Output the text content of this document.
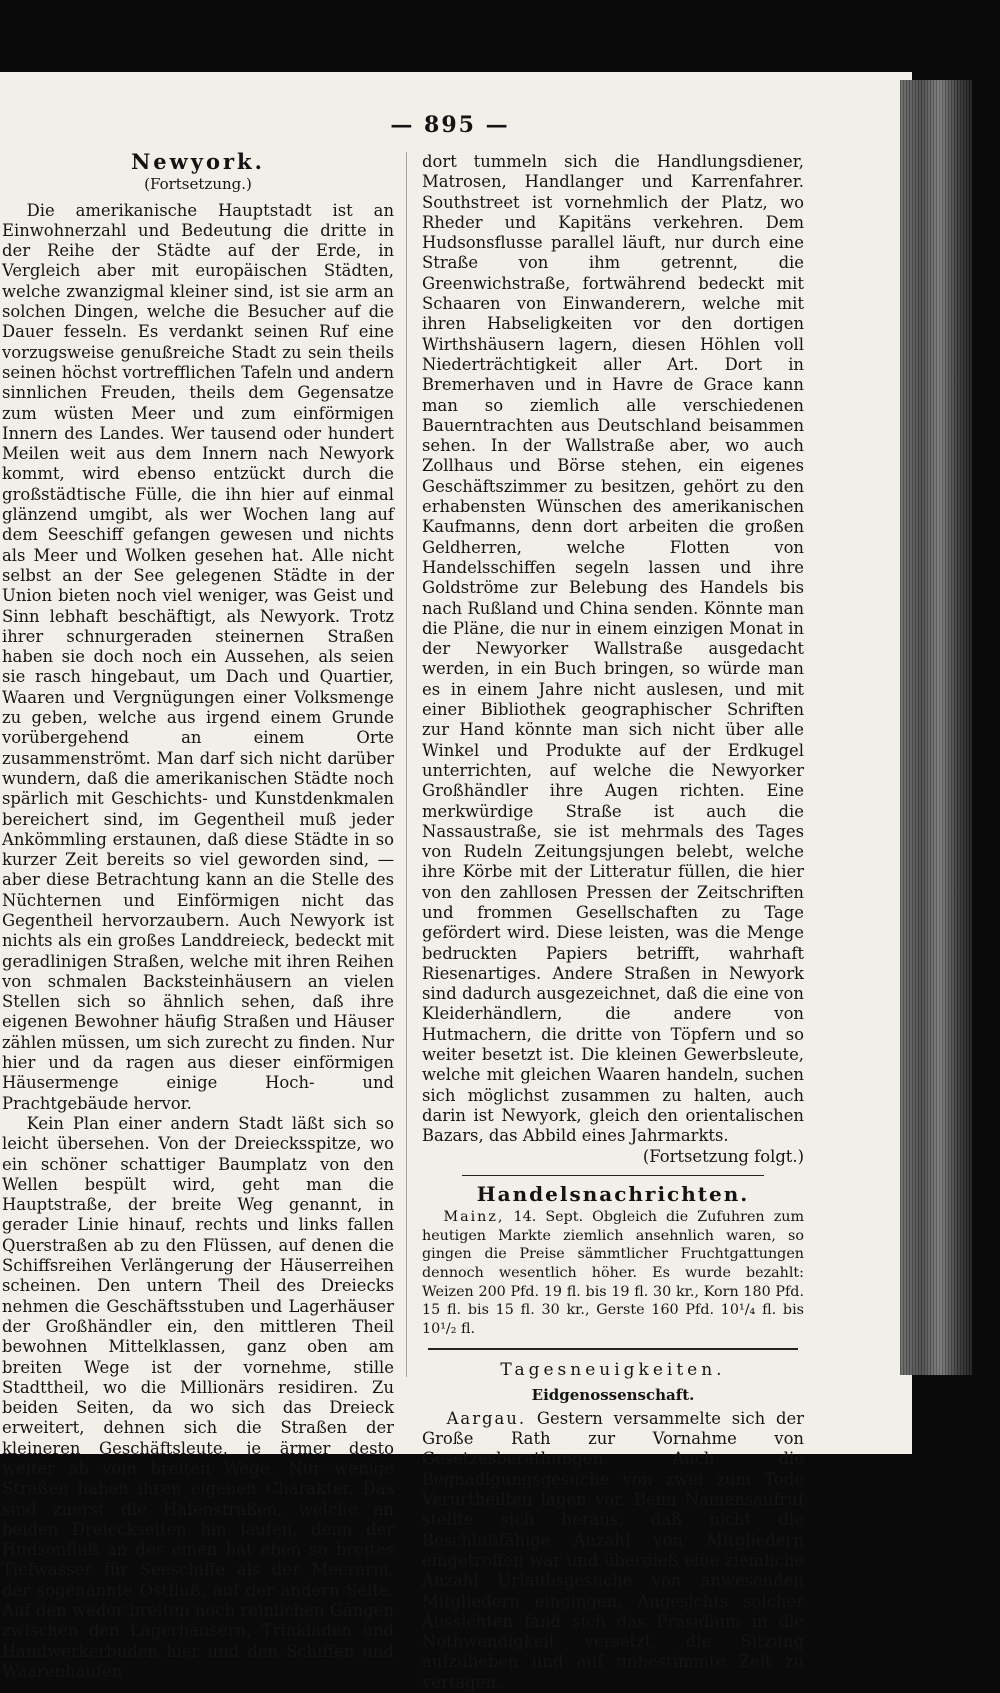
— 895 —
Newyork.
(Fortsetzung.)

Die amerikanische Hauptstadt ist an Einwohnerzahl und Bedeutung die dritte in der Reihe der Städte auf der Erde, in Vergleich aber mit europäischen Städten, welche zwanzigmal kleiner sind, ist sie arm an solchen Dingen, welche die Besucher auf die Dauer fesseln. Es verdankt seinen Ruf eine vorzugsweise genußreiche Stadt zu sein theils seinen höchst vortrefflichen Tafeln und andern sinnlichen Freuden, theils dem Gegensatze zum wüsten Meer und zum einförmigen Innern des Landes. Wer tausend oder hundert Meilen weit aus dem Innern nach Newyork kommt, wird ebenso entzückt durch die großstädtische Fülle, die ihn hier auf einmal glänzend umgibt, als wer Wochen lang auf dem Seeschiff gefangen gewesen und nichts als Meer und Wolken gesehen hat. Alle nicht selbst an der See gelegenen Städte in der Union bieten noch viel weniger, was Geist und Sinn lebhaft beschäftigt, als Newyork. Trotz ihrer schnurgeraden steinernen Straßen haben sie doch noch ein Aussehen, als seien sie rasch hingebaut, um Dach und Quartier, Waaren und Vergnügungen einer Volksmenge zu geben, welche aus irgend einem Grunde vorübergehend an einem Orte zusammenströmt. Man darf sich nicht darüber wundern, daß die amerikanischen Städte noch spärlich mit Geschichts- und Kunstdenkmalen bereichert sind, im Gegentheil muß jeder Ankömmling erstaunen, daß diese Städte in so kurzer Zeit bereits so viel geworden sind, — aber diese Betrachtung kann an die Stelle des Nüchternen und Einförmigen nicht das Gegentheil hervorzaubern. Auch Newyork ist nichts als ein großes Landdreieck, bedeckt mit geradlinigen Straßen, welche mit ihren Reihen von schmalen Backsteinhäusern an vielen Stellen sich so ähnlich sehen, daß ihre eigenen Bewohner häufig Straßen und Häuser zählen müssen, um sich zurecht zu finden. Nur hier und da ragen aus dieser einförmigen Häusermenge einige Hoch- und Prachtgebäude hervor.

Kein Plan einer andern Stadt läßt sich so leicht übersehen. Von der Dreiecksspitze, wo ein schöner schattiger Baumplatz von den Wellen bespült wird, geht man die Hauptstraße, der breite Weg genannt, in gerader Linie hinauf, rechts und links fallen Querstraßen ab zu den Flüssen, auf denen die Schiffsreihen Verlängerung der Häuserreihen scheinen. Den untern Theil des Dreiecks nehmen die Geschäftsstuben und Lagerhäuser der Großhändler ein, den mittleren Theil bewohnen Mittelklassen, ganz oben am breiten Wege ist der vornehme, stille Stadttheil, wo die Millionärs residiren. Zu beiden Seiten, da wo sich das Dreieck erweitert, dehnen sich die Straßen der kleineren Geschäftsleute, je ärmer desto weiter ab vom breiten Wege. Nur wenige Straßen haben ihren eigenen Charakter. Das sind zuerst die Hafenstraßen, welche an beiden Dreieckseiten hin laufen, denn der Hudsonfluß an der einen hat eben so breites Tiefwasser für Seeschiffe als der Meerarm, der sogenannte Ostfluß, auf der andern Seite. Auf den weder breiten noch reinlichen Gängen zwischen den Lagerhäusern, Trinkläden und Handwerkerbuden hier und den Schiffen und Waarenhaufen

dort tummeln sich die Handlungsdiener, Matrosen, Handlanger und Karrenfahrer. Southstreet ist vornehmlich der Platz, wo Rheder und Kapitäns verkehren. Dem Hudsonsflusse parallel läuft, nur durch eine Straße von ihm getrennt, die Greenwichstraße, fortwährend bedeckt mit Schaaren von Einwanderern, welche mit ihren Habseligkeiten vor den dortigen Wirthshäusern lagern, diesen Höhlen voll Niederträchtigkeit aller Art. Dort in Bremerhaven und in Havre de Grace kann man so ziemlich alle verschiedenen Bauerntrachten aus Deutschland beisammen sehen. In der Wallstraße aber, wo auch Zollhaus und Börse stehen, ein eigenes Geschäftszimmer zu besitzen, gehört zu den erhabensten Wünschen des amerikanischen Kaufmanns, denn dort arbeiten die großen Geldherren, welche Flotten von Handelsschiffen segeln lassen und ihre Goldströme zur Belebung des Handels bis nach Rußland und China senden. Könnte man die Pläne, die nur in einem einzigen Monat in der Newyorker Wallstraße ausgedacht werden, in ein Buch bringen, so würde man es in einem Jahre nicht auslesen, und mit einer Bibliothek geographischer Schriften zur Hand könnte man sich nicht über alle Winkel und Produkte auf der Erdkugel unterrichten, auf welche die Newyorker Großhändler ihre Augen richten. Eine merkwürdige Straße ist auch die Nassaustraße, sie ist mehrmals des Tages von Rudeln Zeitungsjungen belebt, welche ihre Körbe mit der Litteratur füllen, die hier von den zahllosen Pressen der Zeitschriften und frommen Gesellschaften zu Tage gefördert wird. Diese leisten, was die Menge bedruckten Papiers betrifft, wahrhaft Riesenartiges. Andere Straßen in Newyork sind dadurch ausgezeichnet, daß die eine von Kleiderhändlern, die andere von Hutmachern, die dritte von Töpfern und so weiter besetzt ist. Die kleinen Gewerbsleute, welche mit gleichen Waaren handeln, suchen sich möglichst zusammen zu halten, auch darin ist Newyork, gleich den orientalischen Bazars, das Abbild eines Jahrmarkts.

(Fortsetzung folgt.)
Handelsnachrichten.

Mainz, 14. Sept. Obgleich die Zufuhren zum heutigen Markte ziemlich ansehnlich waren, so gingen die Preise sämmtlicher Fruchtgattungen dennoch wesentlich höher. Es wurde bezahlt: Weizen 200 Pfd. 19 fl. bis 19 fl. 30 kr., Korn 180 Pfd. 15 fl. bis 15 fl. 30 kr., Gerste 160 Pfd. 10¹/₄ fl. bis 10¹/₂ fl.

Tagesneuigkeiten.
Eidgenossenschaft.

Aargau. Gestern versammelte sich der Große Rath zur Vornahme von Gesetzesberathungen. Auch die Begnadigungsgesuche von zwei zum Tode Verurtheilten lagen vor. Beim Namensaufruf stellte sich heraus, daß nicht die Beschlußfähige Anzahl von Mitgliedern eingetroffen war und überdieß eine ziemliche Anzahl Urlaubsgesuche von anwesenden Mitgliedern eingingen. Angesichts solcher Aussichten fand sich das Präsidium in die Nothwendigkeit versetzt, die Sitzung aufzuheben und auf unbestimmte Zeit zu vertagen.
